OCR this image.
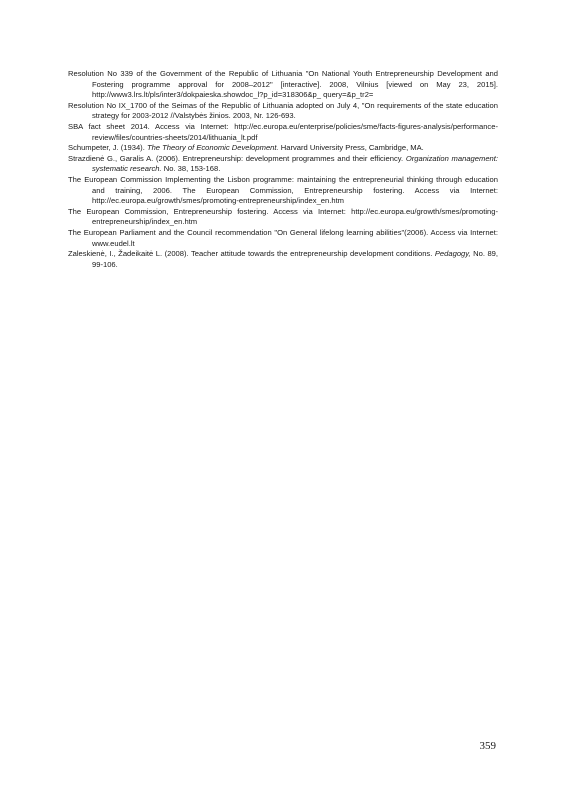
Resolution No 339 of the Government of the Republic of Lithuania "On National Youth Entrepreneurship Development and Fostering programme approval for 2008–2012" [interactive]. 2008, Vilnius [viewed on May 23, 2015]. http://www3.lrs.lt/pls/inter3/dokpaieska.showdoc_l?p_id=318306&p_ query=&p_tr2=

Resolution No IX_1700 of the Seimas of the Republic of Lithuania adopted on July 4, "On requirements of the state education strategy for 2003-2012 //Valstybės žinios. 2003, Nr. 126-693.

SBA fact sheet 2014. Access via Internet: http://ec.europa.eu/enterprise/policies/sme/facts-figures-analysis/performance-review/files/countries-sheets/2014/lithuania_lt.pdf

Schumpeter, J. (1934). The Theory of Economic Development. Harvard University Press, Cambridge, MA.

Strazdienė G., Garalis A. (2006). Entrepreneurship: development programmes and their efficiency. Organization management: systematic research. No. 38, 153-168.

The European Commission Implementing the Lisbon programme: maintaining the entrepreneurial thinking through education and training, 2006. The European Commission, Entrepreneurship fostering. Access via Internet: http://ec.europa.eu/growth/smes/promoting-entrepreneurship/index_en.htm

The European Commission, Entrepreneurship fostering. Access via Internet: http://ec.europa.eu/growth/smes/promoting-entrepreneurship/index_en.htm

The European Parliament and the Council recommendation "On General lifelong learning abilities"(2006). Access via Internet: www.eudel.lt

Zaleskienė, I., Žadeikaitė L. (2008). Teacher attitude towards the entrepreneurship development conditions. Pedagogy, No. 89, 99-106.

359
